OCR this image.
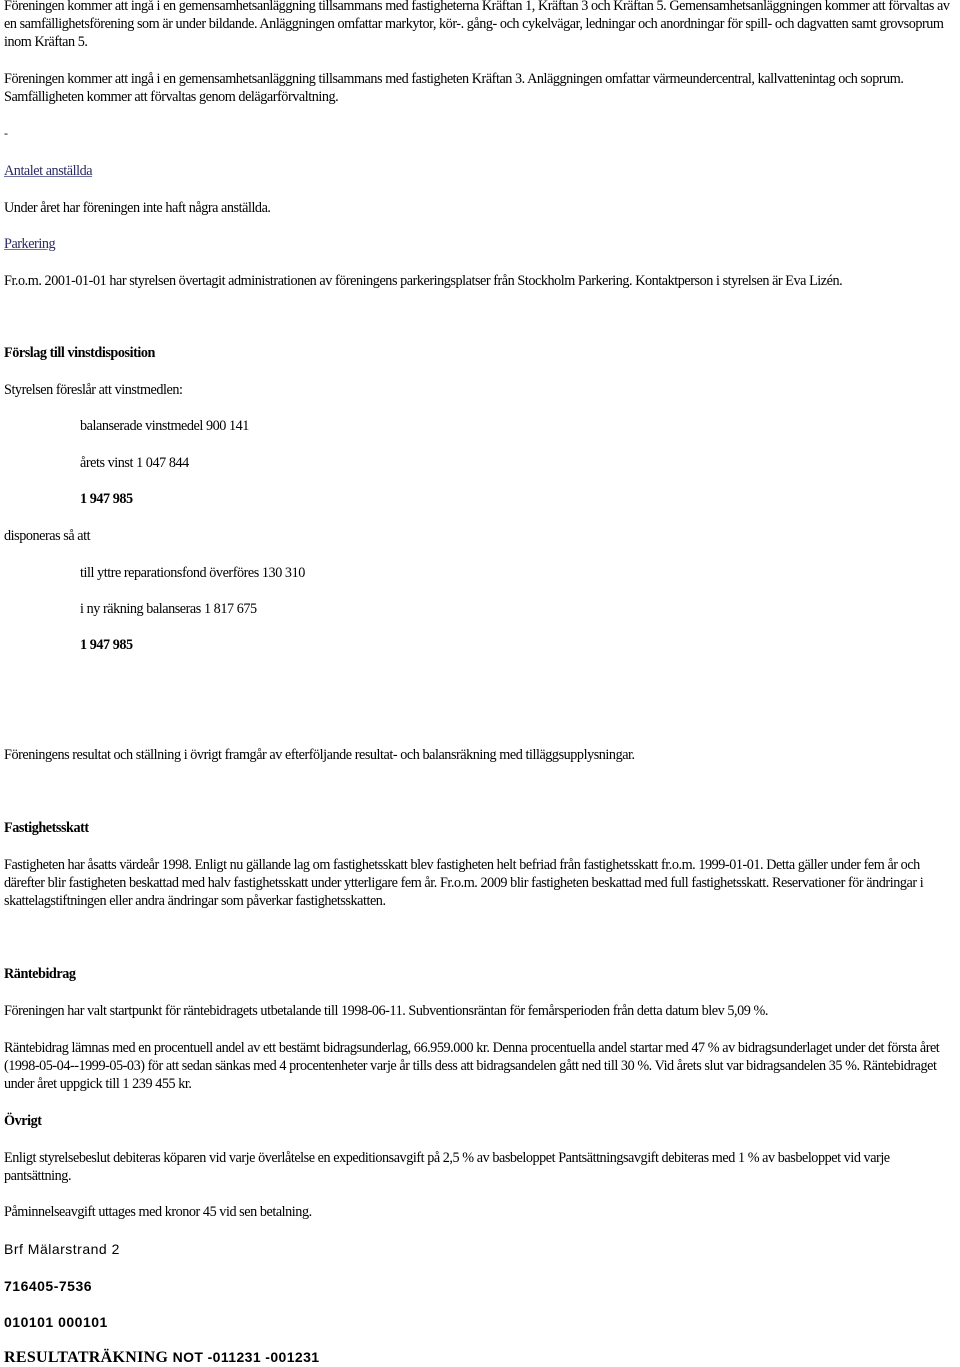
Föreningen kommer att ingå i en gemensamhetsanläggning tillsammans med fastigheterna Kräftan 1, Kräftan 3 och Kräftan 5. Gemensamhetsanläggningen kommer att förvaltas av en samfällighetsförening som är under bildande. Anläggningen omfattar markytor, kör-. gång- och cykelvägar, ledningar och anordningar för spill- och dagvatten samt grovsoprum inom Kräftan 5.

Föreningen kommer att ingå i en gemensamhetsanläggning tillsammans med fastigheten Kräftan 3. Anläggningen omfattar värmeundercentral, kallvattenintag och soprum. Samfälligheten kommer att förvaltas genom delägarförvaltning.

-

Antalet anställda

Under året har föreningen inte haft några anställda.

Parkering

Fr.o.m. 2001-01-01 har styrelsen övertagit administrationen av föreningens parkeringsplatser från Stockholm Parkering. Kontaktperson i styrelsen är Eva Lizén.

Förslag till vinstdisposition

Styrelsen föreslår att vinstmedlen:

balanserade vinstmedel 900 141

årets vinst 1 047 844

1 947 985

disponeras så att

till yttre reparationsfond överföres 130 310

i ny räkning balanseras 1 817 675

1 947 985

Föreningens resultat och ställning i övrigt framgår av efterföljande resultat- och balansräkning med tilläggsupplysningar.

Fastighetsskatt

Fastigheten har åsatts värdeår 1998. Enligt nu gällande lag om fastighetsskatt blev fastigheten helt befriad från fastighetsskatt fr.o.m. 1999-01-01. Detta gäller under fem år och därefter blir fastigheten beskattad med halv fastighetsskatt under ytterligare fem år. Fr.o.m. 2009 blir fastigheten beskattad med full fastighetsskatt. Reservationer för ändringar i skattelagstiftningen eller andra ändringar som påverkar fastighetsskatten.

Räntebidrag

Föreningen har valt startpunkt för räntebidragets utbetalande till 1998-06-11. Subventionsräntan för femårsperioden från detta datum blev 5,09 %.

Räntebidrag lämnas med en procentuell andel av ett bestämt bidragsunderlag, 66.959.000 kr. Denna procentuella andel startar med 47 % av bidragsunderlaget under det första året (1998-05-04--1999-05-03) för att sedan sänkas med 4 procentenheter varje år tills dess att bidragsandelen gått ned till 30 %. Vid årets slut var bidragsandelen 35 %. Räntebidraget under året uppgick till 1 239 455 kr.

Övrigt

Enligt styrelsebeslut debiteras köparen vid varje överlåtelse en expeditionsavgift på 2,5 % av basbeloppet Pantsättningsavgift debiteras med 1 % av basbeloppet vid varje pantsättning.

Påminnelseavgift uttages med kronor 45 vid sen betalning.

Brf Mälarstrand 2

716405-7536

010101 000101

RESULTATRÄKNING NOT -011231 -001231
